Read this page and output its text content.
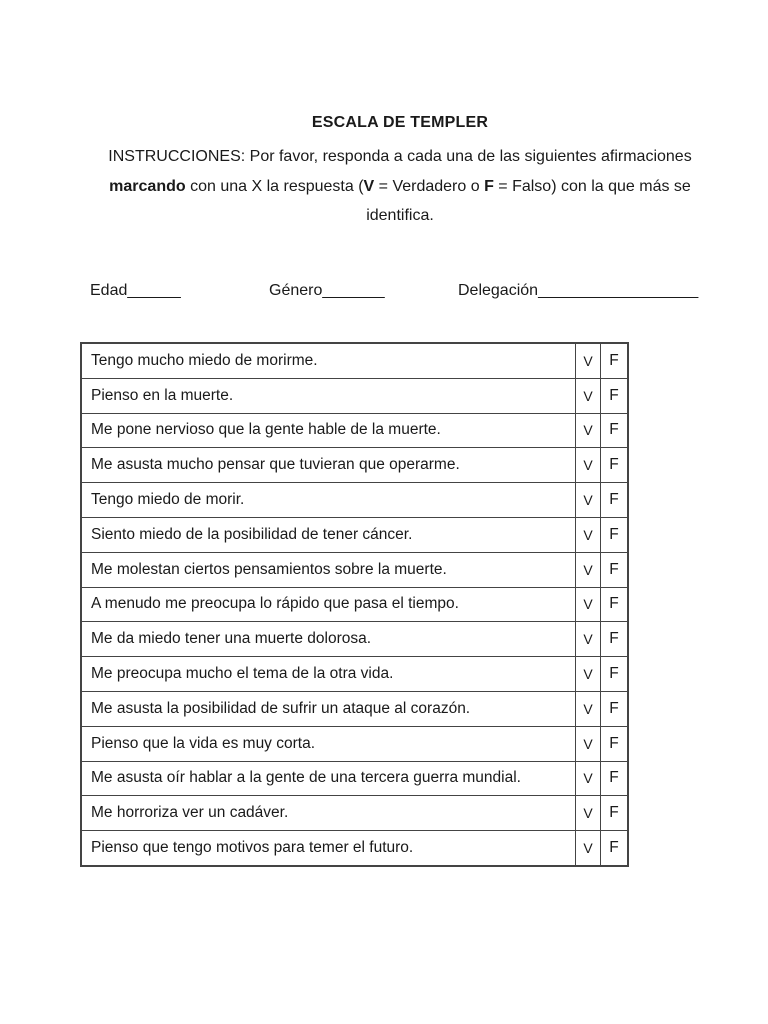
ESCALA DE TEMPLER
INSTRUCCIONES: Por favor, responda a cada una de las siguientes afirmaciones marcando con una X la respuesta (V = Verdadero o F = Falso) con la que más se identifica.
Edad______	Género_______	Delegación__________________
Tengo mucho miedo de morirme.	V	F
Pienso en la muerte.	V	F
Me pone nervioso que la gente hable de la muerte.	V	F
Me asusta mucho pensar que tuvieran que operarme.	V	F
Tengo miedo de morir.	V	F
Siento miedo de la posibilidad de tener cáncer.	V	F
Me molestan ciertos pensamientos sobre la muerte.	V	F
A menudo me preocupa lo rápido que pasa el tiempo.	V	F
Me da miedo tener una muerte dolorosa.	V	F
Me preocupa mucho el tema de la otra vida.	V	F
Me asusta la posibilidad de sufrir un ataque al corazón.	V	F
Pienso que la vida es muy corta.	V	F
Me asusta oír hablar a la gente de una tercera guerra mundial.	V	F
Me horroriza ver un cadáver.	V	F
Pienso que tengo motivos para temer el futuro.	V	F
